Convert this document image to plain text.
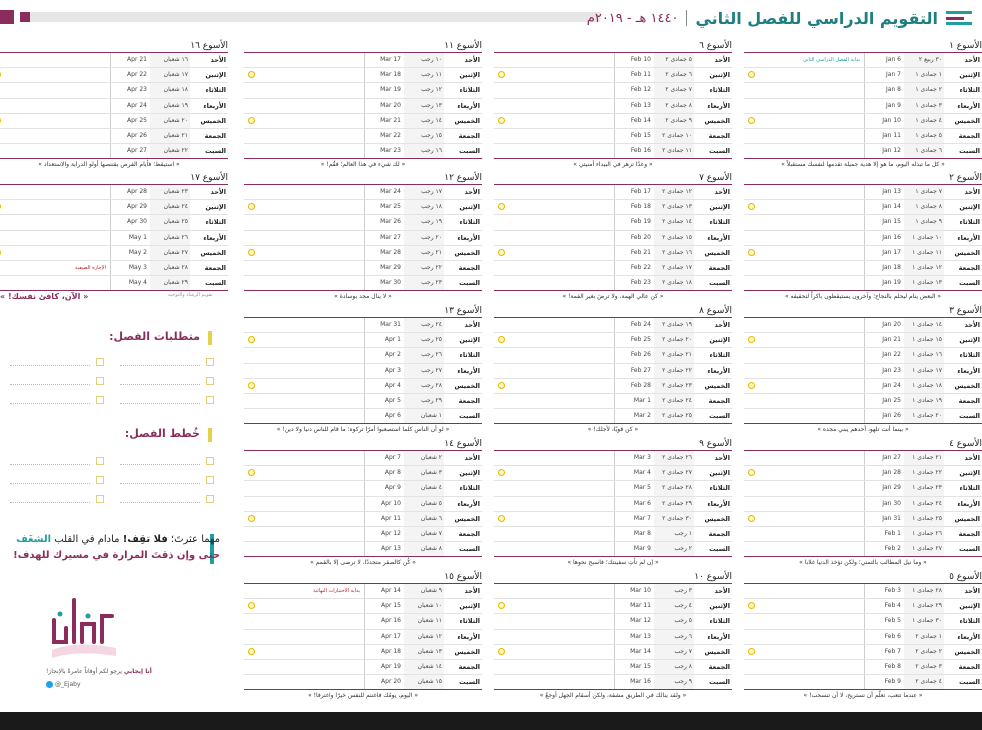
التقويم الدراسي للفصل الثاني
١٤٤٠ هـ - ٢٠١٩م
الأسوع ١
الأحد
٣٠ ربيع ٢
6 Jan
بداية الفصل الدراسي الثاني
الإثنين
١ جمادى ١
7 Jan
الثلاثاء
٢ جمادى ١
8 Jan
الأربعاء
٣ جمادى ١
9 Jan
الخميس
٤ جمادى ١
10 Jan
الجمعة
٥ جمادى ١
11 Jan
السبت
٦ جمادى ١
12 Jan
« كل ما تبذله اليوم، ما هو إلا هدية جميلة تقدمها لنفسك مستقبلاً »
الأسوع ٢
الأحد
٧ جمادى ١
13 Jan
الإثنين
٨ جمادى ١
14 Jan
الثلاثاء
٩ جمادى ١
15 Jan
الأربعاء
١٠ جمادى ١
16 Jan
الخميس
١١ جمادى ١
17 Jan
الجمعة
١٢ جمادى ١
18 Jan
السبت
١٣ جمادى ١
19 Jan
« البعض ينام ليحلم بالنجاح؛ وآخرون يستيقظون باكراً لتحقيقه »
الأسوع ٣
الأحد
١٤ جمادى ١
20 Jan
الإثنين
١٥ جمادى ١
21 Jan
الثلاثاء
١٦ جمادى ١
22 Jan
الأربعاء
١٧ جمادى ١
23 Jan
الخميس
١٨ جمادى ١
24 Jan
الجمعة
١٩ جمادى ١
25 Jan
السبت
٢٠ جمادى ١
26 Jan
« بينما أنت تلهو، أحدهم يبني مجده »
الأسوع ٤
الأحد
٢١ جمادى ١
27 Jan
الإثنين
٢٢ جمادى ١
28 Jan
الثلاثاء
٢٣ جمادى ١
29 Jan
الأربعاء
٢٤ جمادى ١
30 Jan
الخميس
٢٥ جمادى ١
31 Jan
الجمعة
٢٦ جمادى ١
1 Feb
السبت
٢٧ جمادى ١
2 Feb
« وما نيل المطالب بالتمني؛ ولكن تؤخذ الدنيا غلابا »
الأسوع ٥
الأحد
٢٨ جمادى ١
3 Feb
الإثنين
٢٩ جمادى ١
4 Feb
الثلاثاء
٣٠ جمادى ١
5 Feb
الأربعاء
١ جمادى ٢
6 Feb
الخميس
٢ جمادى ٢
7 Feb
الجمعة
٣ جمادى ٢
8 Feb
السبت
٤ جمادى ٢
9 Feb
« عندما تتعب، تعلّم أن تستريح، لا أن تنسحب! »
الأسوع ٦
الأحد
٥ جمادى ٢
10 Feb
الإثنين
٦ جمادى ٢
11 Feb
الثلاثاء
٧ جمادى ٢
12 Feb
الأربعاء
٨ جمادى ٢
13 Feb
الخميس
٩ جمادى ٢
14 Feb
الجمعة
١٠ جمادى ٢
15 Feb
السبت
١١ جمادى ٢
16 Feb
« وعدًا تزهر في البيداء أمنيتي »
الأسوع ٧
الأحد
١٢ جمادى ٢
17 Feb
الإثنين
١٣ جمادى ٢
18 Feb
الثلاثاء
١٤ جمادى ٢
19 Feb
الأربعاء
١٥ جمادى ٢
20 Feb
الخميس
١٦ جمادى ٢
21 Feb
الجمعة
١٧ جمادى ٢
22 Feb
السبت
١٨ جمادى ٢
23 Feb
« كن عالي الهمة، ولا ترضَ بغير القمة! »
الأسوع ٨
الأحد
١٩ جمادى ٢
24 Feb
الإثنين
٢٠ جمادى ٢
25 Feb
الثلاثاء
٢١ جمادى ٢
26 Feb
الأربعاء
٢٢ جمادى ٢
27 Feb
الخميس
٢٣ جمادى ٢
28 Feb
الجمعة
٢٤ جمادى ٢
1 Mar
السبت
٢٥ جمادى ٢
2 Mar
« كن قويًا، لأجلك! »
الأسوع ٩
الأحد
٢٦ جمادى ٢
3 Mar
الإثنين
٢٧ جمادى ٢
4 Mar
الثلاثاء
٢٨ جمادى ٢
5 Mar
الأربعاء
٢٩ جمادى ٢
6 Mar
الخميس
٣٠ جمادى ٢
7 Mar
الجمعة
١ رجب
8 Mar
السبت
٢ رجب
9 Mar
« إن لم تأتِ سفينتك؛ فاسبح نحوها »
الأسوع ١٠
الأحد
٣ رجب
10 Mar
الإثنين
٤ رجب
11 Mar
الثلاثاء
٥ رجب
12 Mar
الأربعاء
٦ رجب
13 Mar
الخميس
٧ رجب
14 Mar
الجمعة
٨ رجب
15 Mar
السبت
٩ رجب
16 Mar
« ولقد ينالك في الطريق مشقة، ولكن أسقام الجهل أوجعُ »
الأسوع ١١
الأحد
١٠ رجب
17 Mar
الإثنين
١١ رجب
18 Mar
الثلاثاء
١٢ رجب
19 Mar
الأربعاء
١٣ رجب
20 Mar
الخميس
١٤ رجب
21 Mar
الجمعة
١٥ رجب
22 Mar
السبت
١٦ رجب
23 Mar
« لك شيء في هذا العالم؛ فقُم! »
الأسوع ١٢
الأحد
١٧ رجب
24 Mar
الإثنين
١٨ رجب
25 Mar
الثلاثاء
١٩ رجب
26 Mar
الأربعاء
٢٠ رجب
27 Mar
الخميس
٢١ رجب
28 Mar
الجمعة
٢٢ رجب
29 Mar
السبت
٢٣ رجب
30 Mar
« لا ينال مجد بوسادة »
الأسوع ١٣
الأحد
٢٤ رجب
31 Mar
الإثنين
٢٥ رجب
1 Apr
الثلاثاء
٢٦ رجب
2 Apr
الأربعاء
٢٧ رجب
3 Apr
الخميس
٢٨ رجب
4 Apr
الجمعة
٢٩ رجب
5 Apr
السبت
١ شعبان
6 Apr
« لو أن الناس كلما استصعبوا أمرًا تركوه؛ ما قام للناس دنيا ولا دين! »
الأسوع ١٤
الأحد
٢ شعبان
7 Apr
الإثنين
٣ شعبان
8 Apr
الثلاثاء
٤ شعبان
9 Apr
الأربعاء
٥ شعبان
10 Apr
الخميس
٦ شعبان
11 Apr
الجمعة
٧ شعبان
12 Apr
السبت
٨ شعبان
13 Apr
« كُن كالصقر متجددًا، لا ترضى إلا بالقمم »
الأسوع ١٥
الأحد
٩ شعبان
14 Apr
بداية الاختبارات النهائية
الإثنين
١٠ شعبان
15 Apr
الثلاثاء
١١ شعبان
16 Apr
الأربعاء
١٢ شعبان
17 Apr
الخميس
١٣ شعبان
18 Apr
الجمعة
١٤ شعبان
19 Apr
السبت
١٥ شعبان
20 Apr
« اليوم، يومُك فاغتنم للنفس خيرًا واغترفا! »
الأسوع ١٦
الأحد
١٦ شعبان
21 Apr
الإثنين
١٧ شعبان
22 Apr
الثلاثاء
١٨ شعبان
23 Apr
الأربعاء
١٩ شعبان
24 Apr
الخميس
٢٠ شعبان
25 Apr
الجمعة
٢١ شعبان
26 Apr
السبت
٢٢ شعبان
27 Apr
« استيقظ؛ فأيام الفرص يقتنصها أولو الدراية والاستعداد »
الأسوع ١٧
الأحد
٢٣ شعبان
28 Apr
الإثنين
٢٤ شعبان
29 Apr
الثلاثاء
٢٥ شعبان
30 Apr
الأربعاء
٢٦ شعبان
1 May
الخميس
٢٧ شعبان
2 May
الجمعة
٢٨ شعبان
3 May
الإجازة الصيفية
السبت
٢٩ شعبان
4 May
« الآن، كافئ نفسك! »	تقويم الرشاد والتوجيه
متطلبات الفصل:
خُطط الفصل:
مهما عثرتَ؛ فلا تقِف! مادام في القلب الشغَف
حتى وإن ذقتَ المرارة في مسيرك للهدف!
أنا إيجابي يرجو لكم أوقاتاً عامرةً بالإنجاز!
@_Ejaby
